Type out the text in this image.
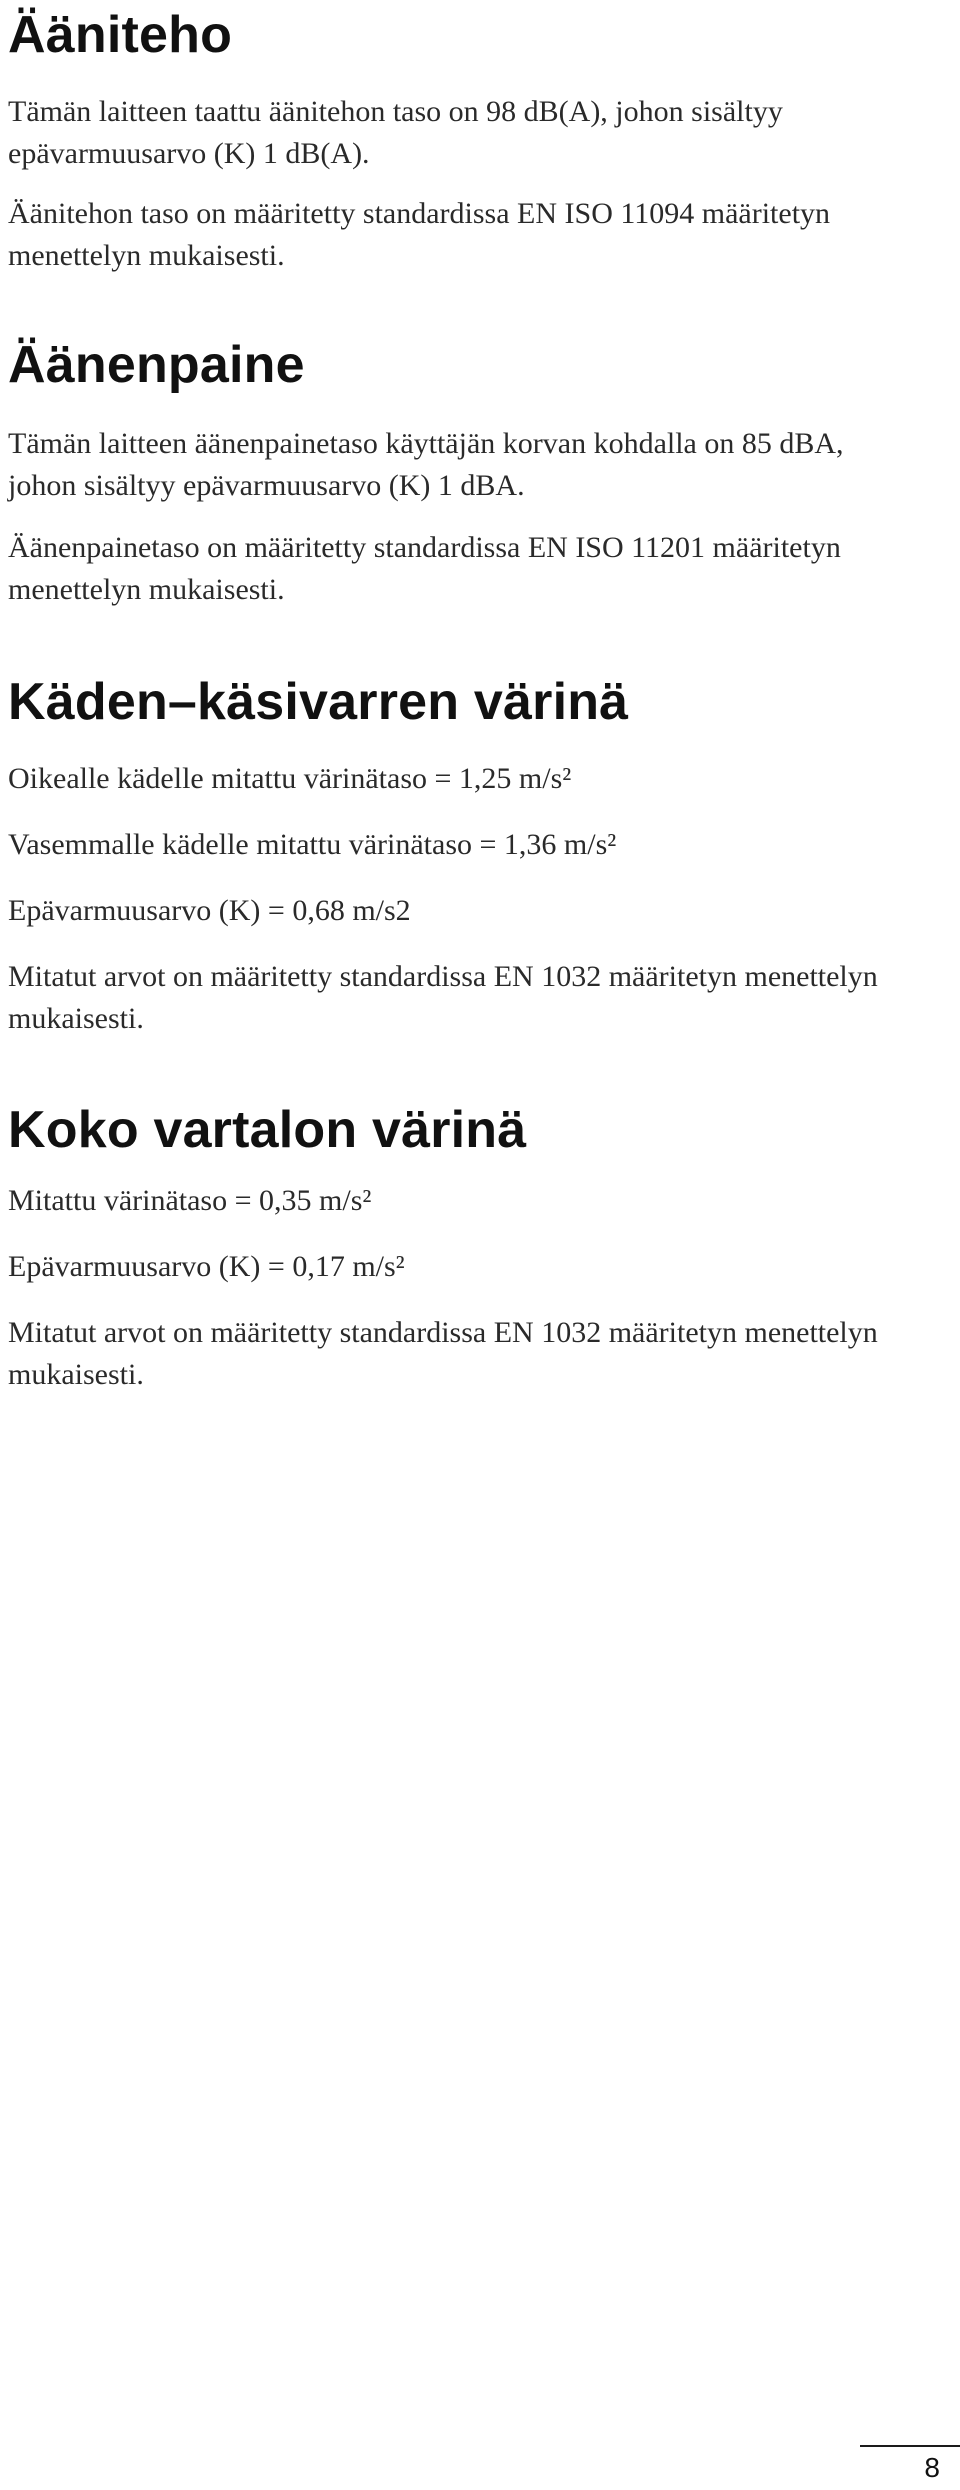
Ääniteho

Tämän laitteen taattu äänitehon taso on 98 dB(A), johon sisältyy epävarmuusarvo (K) 1 dB(A).

Äänitehon taso on määritetty standardissa EN ISO 11094 määritetyn menettelyn mukaisesti.

Äänenpaine

Tämän laitteen äänenpainetaso käyttäjän korvan kohdalla on 85 dBA, johon sisältyy epävarmuusarvo (K) 1 dBA.

Äänenpainetaso on määritetty standardissa EN ISO 11201 määritetyn menettelyn mukaisesti.

Käden–käsivarren värinä

Oikealle kädelle mitattu värinätaso = 1,25 m/s²

Vasemmalle kädelle mitattu värinätaso = 1,36 m/s²

Epävarmuusarvo (K) = 0,68 m/s2

Mitatut arvot on määritetty standardissa EN 1032 määritetyn menettelyn mukaisesti.

Koko vartalon värinä

Mitattu värinätaso = 0,35 m/s²

Epävarmuusarvo (K) = 0,17 m/s²

Mitatut arvot on määritetty standardissa EN 1032 määritetyn menettelyn mukaisesti.

8
